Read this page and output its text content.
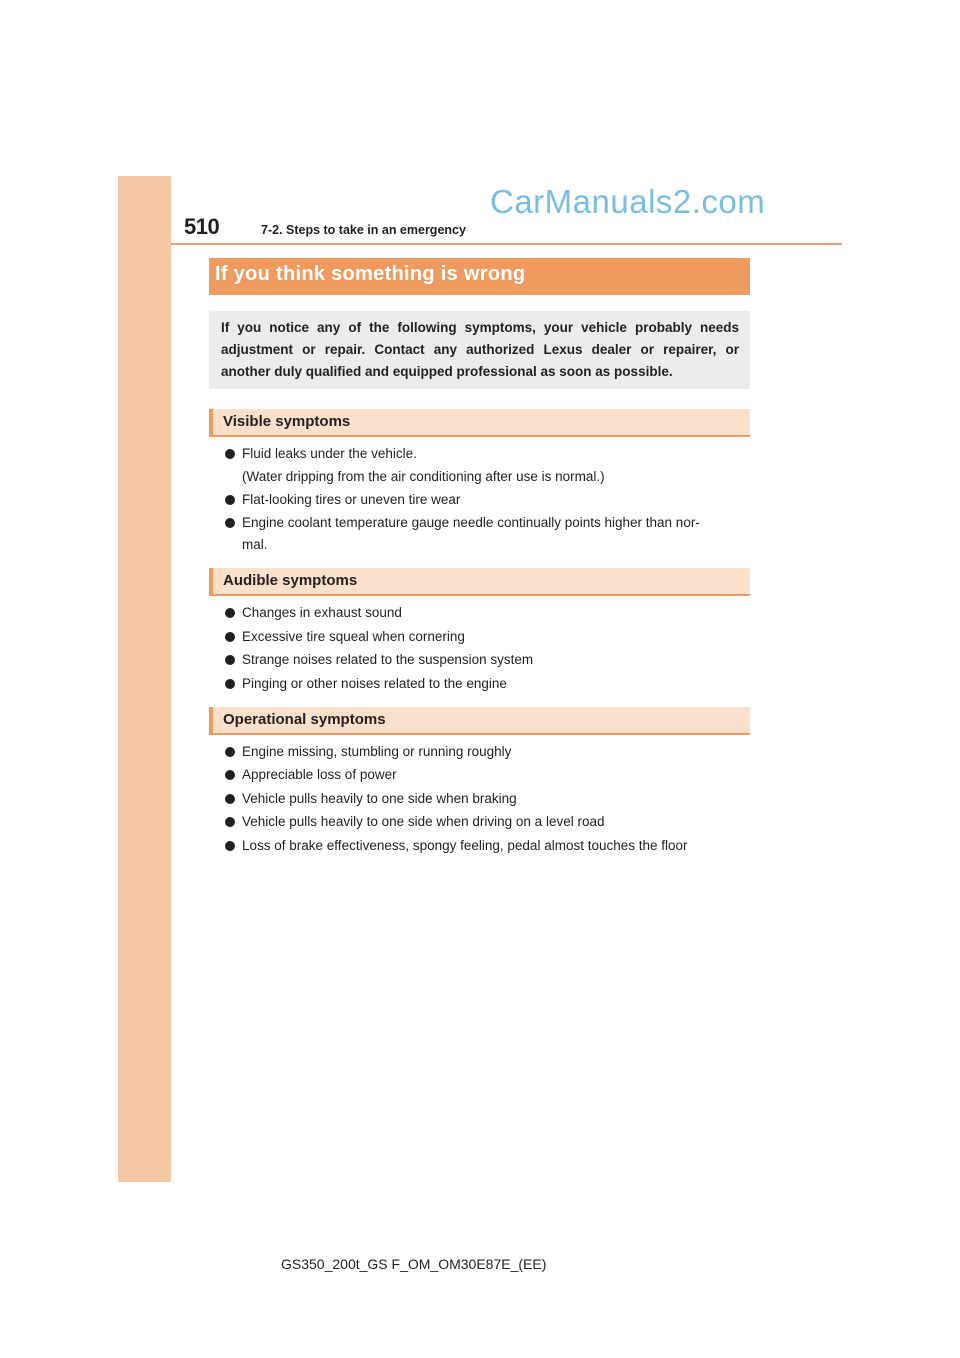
510	7-2. Steps to take in an emergency
CarManuals2.com
If you think something is wrong
If you notice any of the following symptoms, your vehicle probably needs
adjustment or repair. Contact any authorized Lexus dealer or repairer, or
another duly qualified and equipped professional as soon as possible.
Visible symptoms
Fluid leaks under the vehicle.
(Water dripping from the air conditioning after use is normal.)
Flat-looking tires or uneven tire wear
Engine coolant temperature gauge needle continually points higher than nor-
mal.
Audible symptoms
Changes in exhaust sound
Excessive tire squeal when cornering
Strange noises related to the suspension system
Pinging or other noises related to the engine
Operational symptoms
Engine missing, stumbling or running roughly
Appreciable loss of power
Vehicle pulls heavily to one side when braking
Vehicle pulls heavily to one side when driving on a level road
Loss of brake effectiveness, spongy feeling, pedal almost touches the floor
GS350_200t_GS F_OM_OM30E87E_(EE)
